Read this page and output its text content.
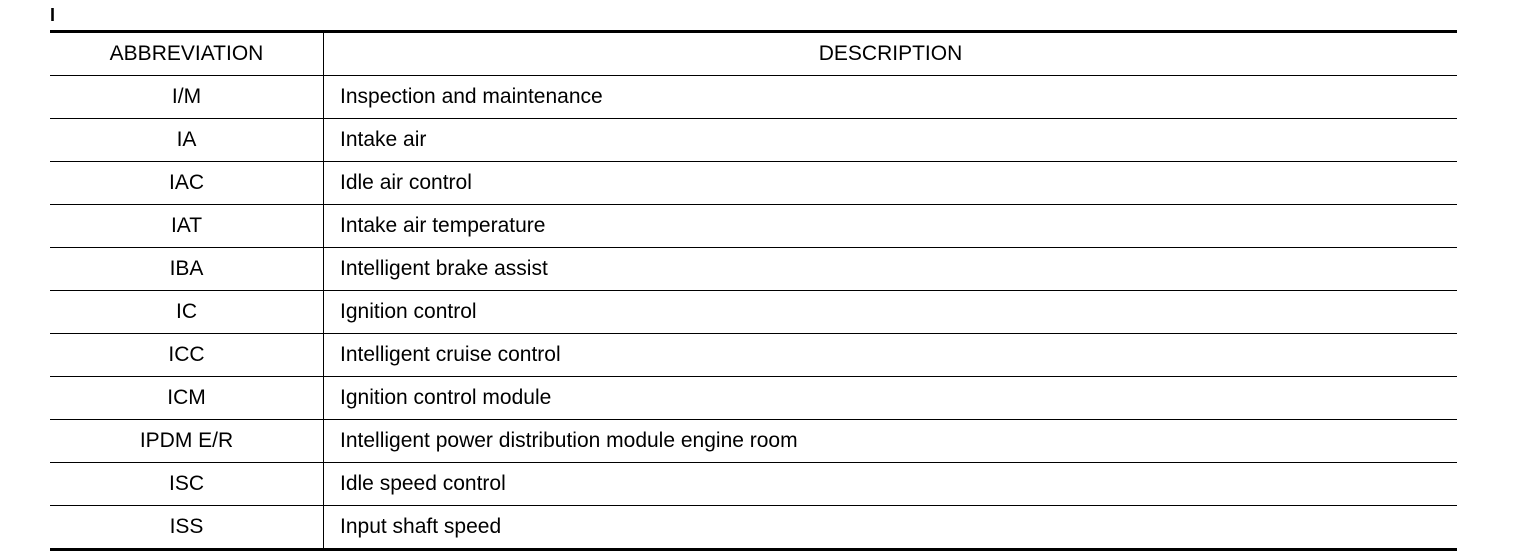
I
ABBREVIATION	DESCRIPTION
I/M	Inspection and maintenance
IA	Intake air
IAC	Idle air control
IAT	Intake air temperature
IBA	Intelligent brake assist
IC	Ignition control
ICC	Intelligent cruise control
ICM	Ignition control module
IPDM E/R	Intelligent power distribution module engine room
ISC	Idle speed control
ISS	Input shaft speed
